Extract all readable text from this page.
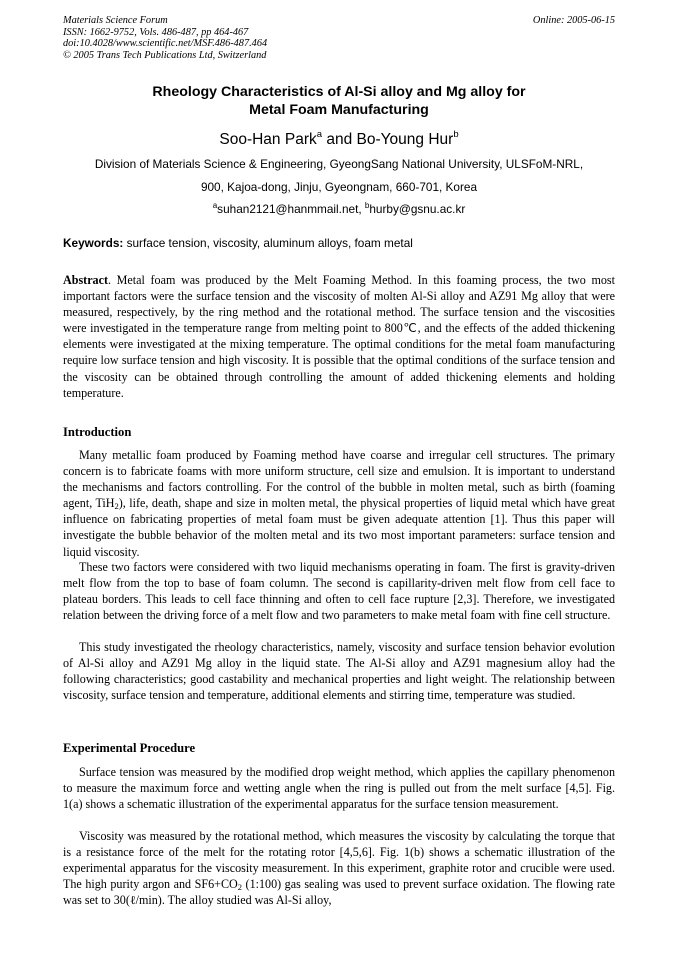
Materials Science Forum
ISSN: 1662-9752, Vols. 486-487, pp 464-467
doi:10.4028/www.scientific.net/MSF.486-487.464
© 2005 Trans Tech Publications Ltd, Switzerland
Online: 2005-06-15
Rheology Characteristics of Al-Si alloy and Mg alloy for
Metal Foam Manufacturing
Soo-Han Park$^a$ and Bo-Young Hur$^b$
Division of Materials Science & Engineering, GyeongSang National University, ULSFoM-NRL,
900, Kajoa-dong, Jinju, Gyeongnam, 660-701, Korea
$^a$suhan2121@hanmmail.net, $^b$hurby@gsnu.ac.kr
Keywords: surface tension, viscosity, aluminum alloys, foam metal
Abstract. Metal foam was produced by the Melt Foaming Method. In this foaming process, the two most important factors were the surface tension and the viscosity of molten Al-Si alloy and AZ91 Mg alloy that were measured, respectively, by the ring method and the rotational method. The surface tension and the viscosities were investigated in the temperature range from melting point to 800℃, and the effects of the added thickening elements were investigated at the mixing temperature. The optimal conditions for the metal foam manufacturing require low surface tension and high viscosity. It is possible that the optimal conditions of the surface tension and the viscosity can be obtained through controlling the amount of added thickening elements and holding temperature.
Introduction
Many metallic foam produced by Foaming method have coarse and irregular cell structures. The primary concern is to fabricate foams with more uniform structure, cell size and emulsion. It is important to understand the mechanisms and factors controlling. For the control of the bubble in molten metal, such as birth (foaming agent, TiH$_2$), life, death, shape and size in molten metal, the physical properties of liquid metal which have great influence on fabricating properties of metal foam must be given adequate attention [1]. Thus this paper will investigate the bubble behavior of the molten metal and its two most important parameters: surface tension and liquid viscosity.
These two factors were considered with two liquid mechanisms operating in foam. The first is gravity-driven melt flow from the top to base of foam column. The second is capillarity-driven melt flow from cell face to plateau borders. This leads to cell face thinning and often to cell face rupture [2,3]. Therefore, we investigated relation between the driving force of a melt flow and two parameters to make metal foam with fine cell structure.
This study investigated the rheology characteristics, namely, viscosity and surface tension behavior evolution of Al-Si alloy and AZ91 Mg alloy in the liquid state. The Al-Si alloy and AZ91 magnesium alloy had the following characteristics; good castability and mechanical properties and light weight. The relationship between viscosity, surface tension and temperature, additional elements and stirring time, temperature was studied.
Experimental Procedure
Surface tension was measured by the modified drop weight method, which applies the capillary phenomenon to measure the maximum force and wetting angle when the ring is pulled out from the melt surface [4,5]. Fig. 1(a) shows a schematic illustration of the experimental apparatus for the surface tension measurement.
Viscosity was measured by the rotational method, which measures the viscosity by calculating the torque that is a resistance force of the melt for the rotating rotor [4,5,6]. Fig. 1(b) shows a schematic illustration of the experimental apparatus for the viscosity measurement. In this experiment, graphite rotor and crucible were used. The high purity argon and $SF6+CO_2$ (1:100) gas sealing was used to prevent surface oxidation. The flowing rate was set to 30(ℓ/min). The alloy studied was Al-Si alloy,
